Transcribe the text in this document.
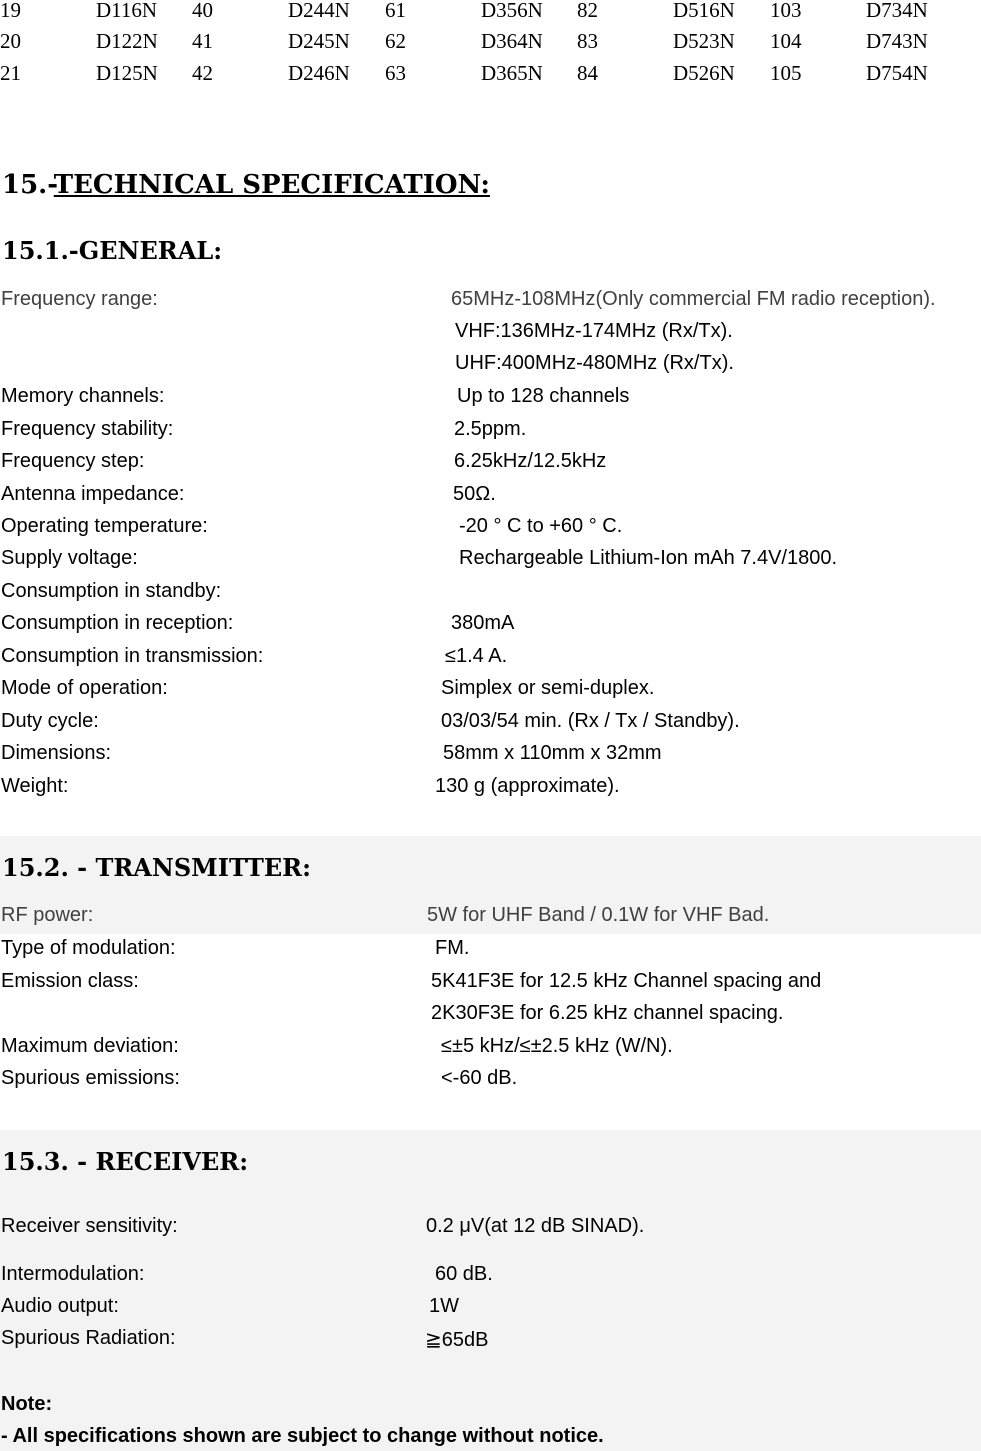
19	D116N 40	D244N 61	D356N 82	D516N 103	D734N
20	D122N 41	D245N 62	D364N 83	D523N 104	D743N
21	D125N 42	D246N 63	D365N 84	D526N 105	D754N
15.-TECHNICAL SPECIFICATION:
15.1.-GENERAL:
Frequency range:	65MHz-108MHz(Only commercial FM radio reception).
VHF:136MHz-174MHz (Rx/Tx).
UHF:400MHz-480MHz (Rx/Tx).
Memory channels:	Up to 128 channels
Frequency stability:	2.5ppm.
Frequency step:	6.25kHz/12.5kHz
Antenna impedance:	50Ω.
Operating temperature:	-20 ° C to +60 ° C.
Supply voltage:	Rechargeable Lithium-Ion mAh 7.4V/1800.
Consumption in standby:
Consumption in reception:	380mA
Consumption in transmission:	≤1.4 A.
Mode of operation:	Simplex or semi-duplex.
Duty cycle:	03/03/54 min. (Rx / Tx / Standby).
Dimensions:	58mm x 110mm x 32mm
Weight:	130 g (approximate).
15.2. - TRANSMITTER:
RF power:	5W for UHF Band / 0.1W for VHF Bad.
Type of modulation:	FM.
Emission class:	5K41F3E for 12.5 kHz Channel spacing and
2K30F3E for 6.25 kHz channel spacing.
Maximum deviation:	≤±5 kHz/≤±2.5 kHz (W/N).
Spurious emissions:	<-60 dB.
15.3. - RECEIVER:
Receiver sensitivity:	0.2 μV(at 12 dB SINAD).
Intermodulation:	60 dB.
Audio output:	1W
Spurious Radiation:	≧65dB
Note:
- All specifications shown are subject to change without notice.
